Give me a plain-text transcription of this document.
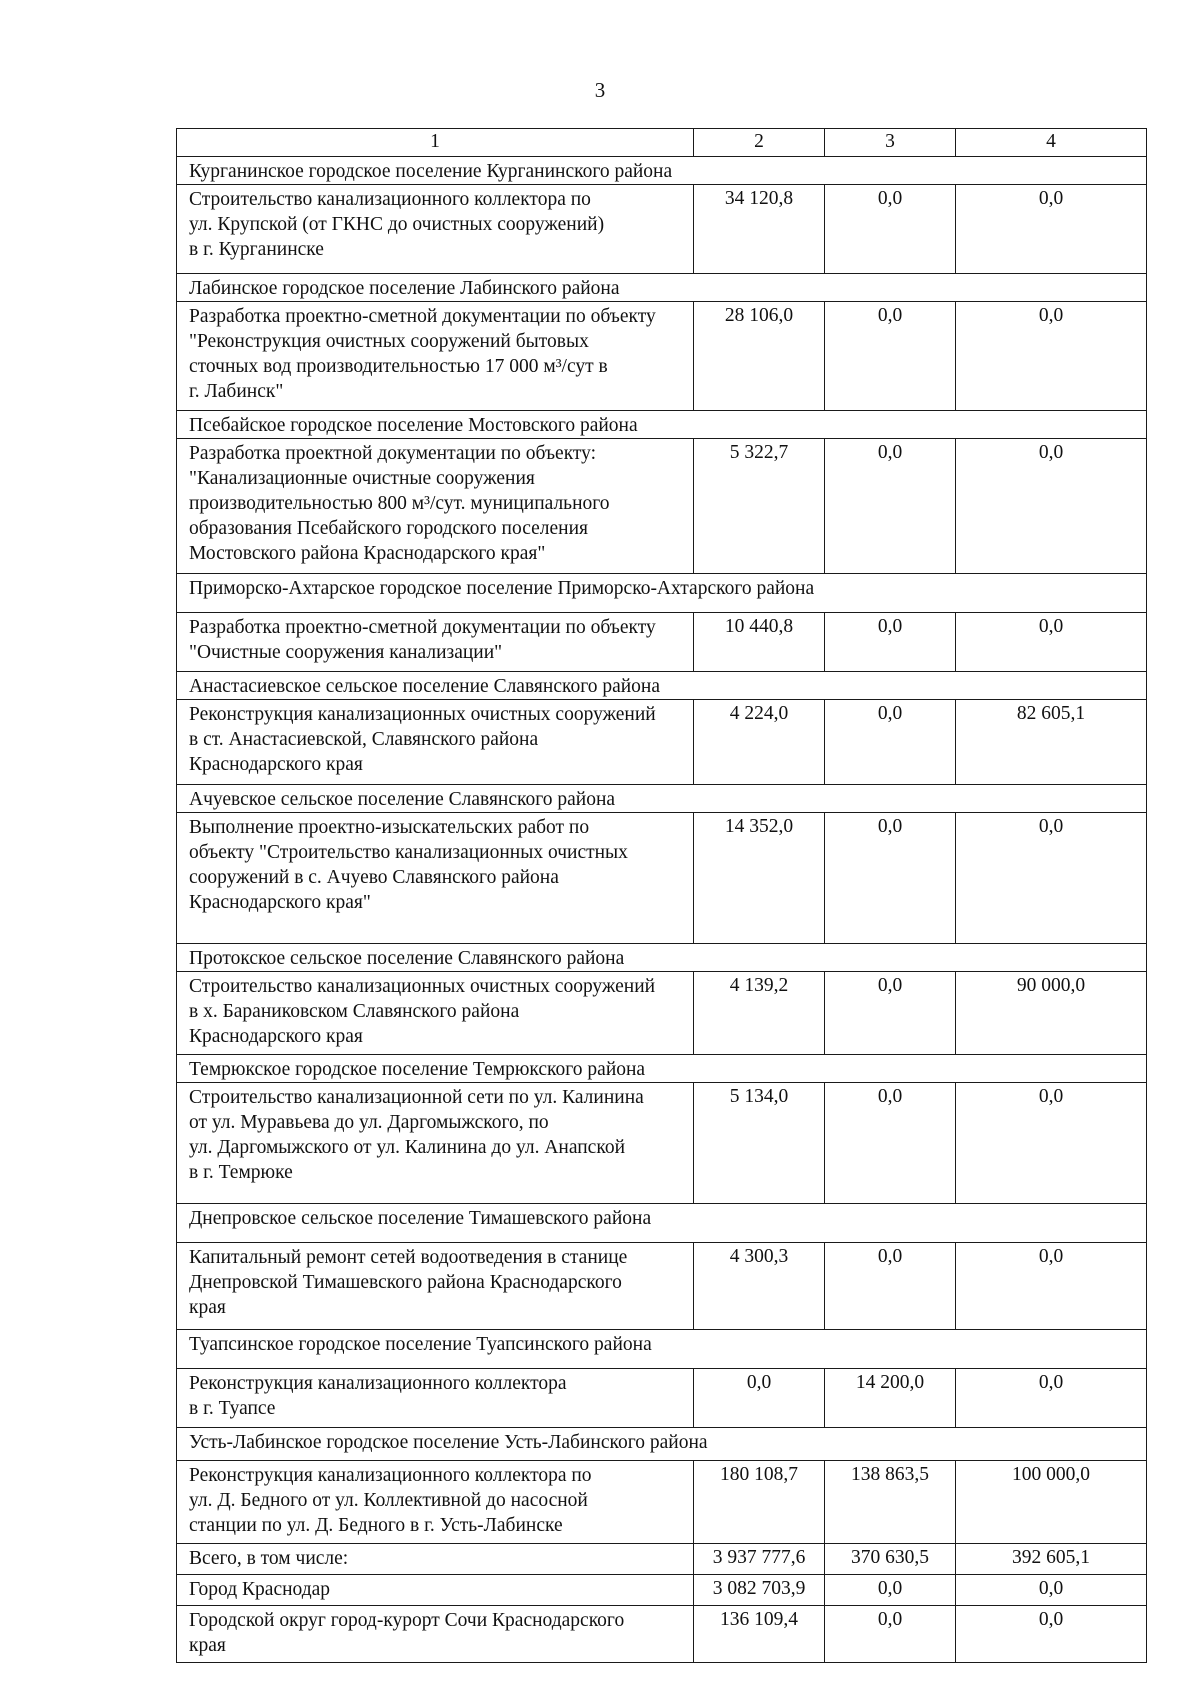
3
1	2	3	4
Курганинское городское поселение Курганинского района			

Строительство канализационного коллектора по
ул. Крупской (от ГКНС до очистных сооружений)
в г. Курганинске	34 120,8	0,0	0,0
Лабинское городское поселение Лабинского района			

Разработка проектно-сметной документации по объекту
"Реконструкция очистных сооружений бытовых
сточных вод производительностью 17 000 м³/сут в
г. Лабинск"	28 106,0	0,0	0,0
Псебайское городское поселение Мостовского района			

Разработка проектной документации по объекту:
"Канализационные очистные сооружения
производительностью 800 м³/сут. муниципального
образования Псебайского городского поселения
Мостовского района Краснодарского края"	5 322,7	0,0	0,0
Приморско-Ахтарское городское поселение Приморско-Ахтарского района			

Разработка проектно-сметной документации по объекту
"Очистные сооружения канализации"	10 440,8	0,0	0,0
Анастасиевское сельское поселение Славянского района			

Реконструкция канализационных очистных сооружений
в ст. Анастасиевской, Славянского района
Краснодарского края	4 224,0	0,0	82 605,1
Ачуевское сельское поселение Славянского района			

Выполнение проектно-изыскательских работ по
объекту "Строительство канализационных очистных
сооружений в с. Ачуево Славянского района
Краснодарского края"	14 352,0	0,0	0,0
Протокское сельское поселение Славянского района			

Строительство канализационных очистных сооружений
в х. Бараниковском Славянского района
Краснодарского края	4 139,2	0,0	90 000,0
Темрюкское городское поселение Темрюкского района			

Строительство канализационной сети по ул. Калинина
от ул. Муравьева до ул. Даргомыжского, по
ул. Даргомыжского от ул. Калинина до ул. Анапской
в г. Темрюке	5 134,0	0,0	0,0
Днепровское сельское поселение Тимашевского района			

Капитальный ремонт сетей водоотведения в станице
Днепровской Тимашевского района Краснодарского
края	4 300,3	0,0	0,0
Туапсинское городское поселение Туапсинского района			

Реконструкция канализационного коллектора
в г. Туапсе	0,0	14 200,0	0,0
Усть-Лабинское городское поселение Усть-Лабинского района			

Реконструкция канализационного коллектора по
ул. Д. Бедного от ул. Коллективной до насосной
станции по ул. Д. Бедного в г. Усть-Лабинске	180 108,7	138 863,5	100 000,0

Всего, в том числе:	3 937 777,6	370 630,5	392 605,1

Город Краснодар	3 082 703,9	0,0	0,0

Городской округ город-курорт Сочи Краснодарского
края	136 109,4	0,0	0,0
